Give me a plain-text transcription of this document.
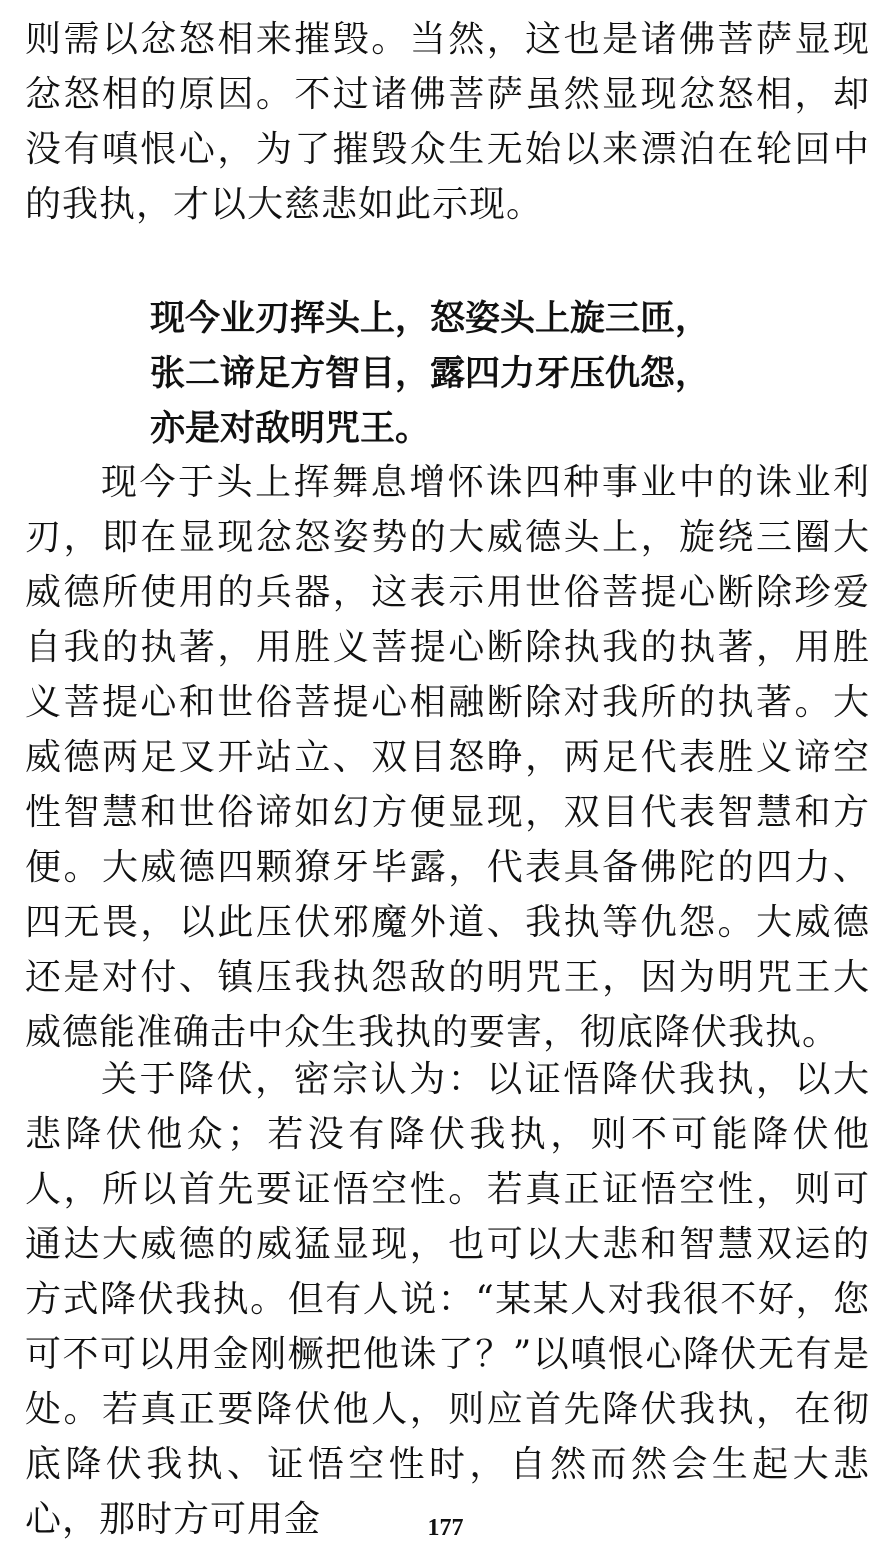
则需以忿怒相来摧毁。当然，这也是诸佛菩萨显现忿怒相的原因。不过诸佛菩萨虽然显现忿怒相，却没有嗔恨心，为了摧毁众生无始以来漂泊在轮回中的我执，才以大慈悲如此示现。

现今业刃挥头上，怒姿头上旋三匝，
张二谛足方智目，露四力牙压仇怨，
亦是对敌明咒王。

现今于头上挥舞息增怀诛四种事业中的诛业利刃，即在显现忿怒姿势的大威德头上，旋绕三圈大威德所使用的兵器，这表示用世俗菩提心断除珍爱自我的执著，用胜义菩提心断除执我的执著，用胜义菩提心和世俗菩提心相融断除对我所的执著。大威德两足叉开站立、双目怒睁，两足代表胜义谛空性智慧和世俗谛如幻方便显现，双目代表智慧和方便。大威德四颗獠牙毕露，代表具备佛陀的四力、四无畏，以此压伏邪魔外道、我执等仇怨。大威德还是对付、镇压我执怨敌的明咒王，因为明咒王大威德能准确击中众生我执的要害，彻底降伏我执。

关于降伏，密宗认为：以证悟降伏我执，以大悲降伏他众；若没有降伏我执，则不可能降伏他人，所以首先要证悟空性。若真正证悟空性，则可通达大威德的威猛显现，也可以大悲和智慧双运的方式降伏我执。但有人说：“某某人对我很不好，您可不可以用金刚橛把他诛了？”以嗔恨心降伏无有是处。若真正要降伏他人，则应首先降伏我执，在彻底降伏我执、证悟空性时，自然而然会生起大悲心，那时方可用金	177
